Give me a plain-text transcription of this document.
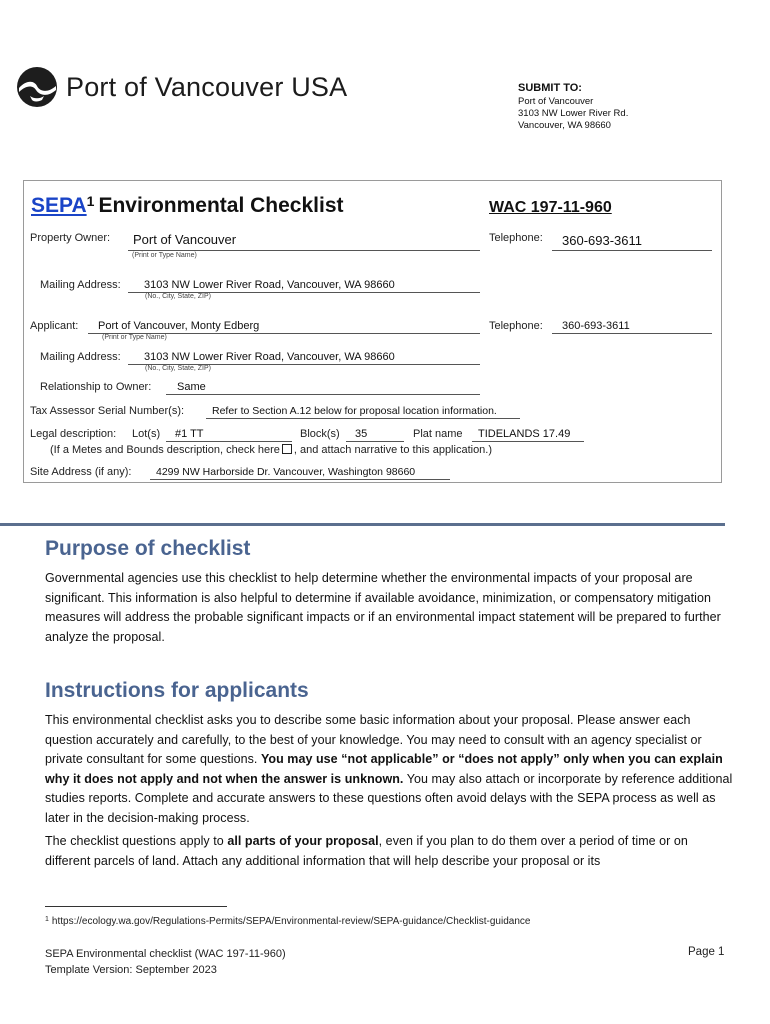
Port of Vancouver USA	SUBMIT TO:
Port of Vancouver
3103 NW Lower River Rd.
Vancouver, WA 98660
SEPA$^1$ Environmental Checklist	WAC 197-11-960
Property Owner: Port of Vancouver
(Print or Type Name)
Telephone: 360-693-3611
Mailing Address: 3103 NW Lower River Road, Vancouver, WA 98660
(No., City, State, ZIP)
Applicant: Port of Vancouver, Monty Edberg
(Print or Type Name)
Telephone: 360-693-3611
Mailing Address: 3103 NW Lower River Road, Vancouver, WA 98660
(No., City, State, ZIP)
Relationship to Owner: Same
Tax Assessor Serial Number(s):	Refer to Section A.12 below for proposal location information.
Legal description: Lot(s) #1 TT	Block(s) 35	Plat name TIDELANDS 17.49
(If a Metes and Bounds description, check here , and attach narrative to this application.)
Site Address (if any): 4299 NW Harborside Dr. Vancouver, Washington 98660
Purpose of checklist
Governmental agencies use this checklist to help determine whether the environmental impacts of your proposal are significant. This information is also helpful to determine if available avoidance, minimization, or compensatory mitigation measures will address the probable significant impacts or if an environmental impact statement will be prepared to further analyze the proposal.
Instructions for applicants
This environmental checklist asks you to describe some basic information about your proposal. Please answer each question accurately and carefully, to the best of your knowledge. You may need to consult with an agency specialist or private consultant for some questions. You may use “not applicable” or “does not apply” only when you can explain why it does not apply and not when the answer is unknown. You may also attach or incorporate by reference additional studies reports. Complete and accurate answers to these questions often avoid delays with the SEPA process as well as later in the decision-making process.
The checklist questions apply to all parts of your proposal, even if you plan to do them over a period of time or on different parcels of land. Attach any additional information that will help describe your proposal or its
$^1$ https://ecology.wa.gov/Regulations-Permits/SEPA/Environmental-review/SEPA-guidance/Checklist-guidance
SEPA Environmental checklist (WAC 197-11-960)
Template Version: September 2023
Page 1
